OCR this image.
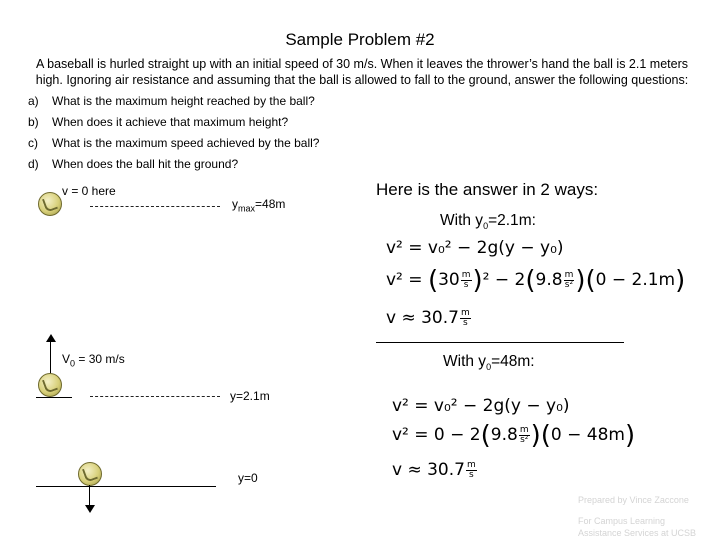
Sample Problem #2
A baseball is hurled straight up with an initial speed of 30 m/s. When it leaves the thrower’s hand the ball is 2.1 meters high. Ignoring air resistance and assuming that the ball is allowed to fall to the ground, answer the following questions:
a) What is the maximum height reached by the ball?
b) When does it achieve that maximum height?
c) What is the maximum speed achieved by the ball?
d) When does the ball hit the ground?
v = 0 here
$y_{max}=48m$
$V_0 = 30$ m/s
y=2.1m
y=0
Here is the answer in 2 ways:
With $y_0=2.1m$:
v² = v₀² − 2g(y − y₀)
$v^2 = (30 \frac{m}{s} )^2 - 2(9.8 \frac{m}{\text{s²}} )(0 - 2.1m)$
$v \approx 30.7 \frac{m}{s}$
With $y_0=48m$:
v² = v₀² − 2g(y − y₀)
$v^2 = 0 - 2(9.8 \frac{m}{\text{s²}} )(0 - 48m)$
$v \approx 30.7 \frac{m}{s}$
Prepared by Vince Zaccone
For Campus Learning
Assistance Services at UCSB
